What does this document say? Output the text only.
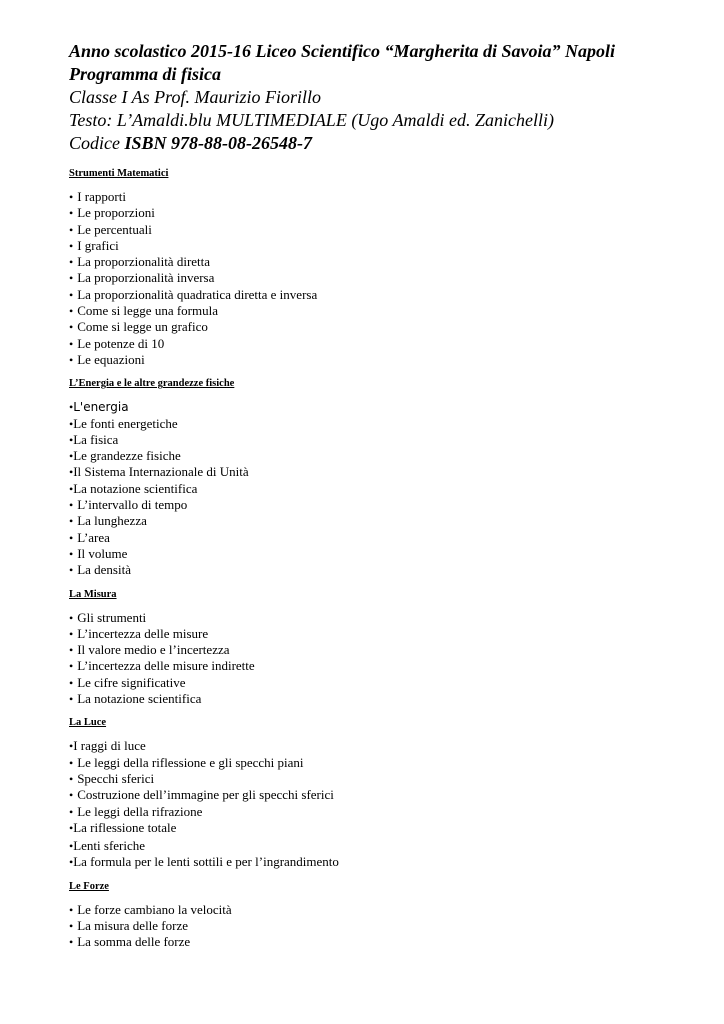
Anno scolastico 2015-16 Liceo Scientifico “Margherita di Savoia” Napoli
Programma di fisica
Classe I As Prof. Maurizio Fiorillo
Testo: L’Amaldi.blu MULTIMEDIALE (Ugo Amaldi ed. Zanichelli)
Codice ISBN 978-88-08-26548-7
Strumenti Matematici
• I rapporti
• Le proporzioni
• Le percentuali
• I grafici
• La proporzionalità diretta
• La proporzionalità inversa
• La proporzionalità quadratica diretta e inversa
• Come si legge una formula
• Come si legge un grafico
• Le potenze di 10
• Le equazioni
L’Energia e le altre grandezze fisiche
•L'energia
•Le fonti energetiche
•La fisica
•Le grandezze fisiche
•Il Sistema Internazionale di Unità
•La notazione scientifica
• L’intervallo di tempo
• La lunghezza
• L’area
• Il volume
• La densità
La Misura
• Gli strumenti
• L’incertezza delle misure
• Il valore medio e l’incertezza
• L’incertezza delle misure indirette
• Le cifre significative
• La notazione scientifica
La Luce
•I raggi di luce
• Le leggi della riflessione e gli specchi piani
• Specchi sferici
• Costruzione dell’immagine per gli specchi sferici
• Le leggi della rifrazione
•La riflessione totale
•Lenti sferiche
•La formula per le lenti sottili e per l’ingrandimento
Le Forze
• Le forze cambiano la velocità
• La misura delle forze
• La somma delle forze
